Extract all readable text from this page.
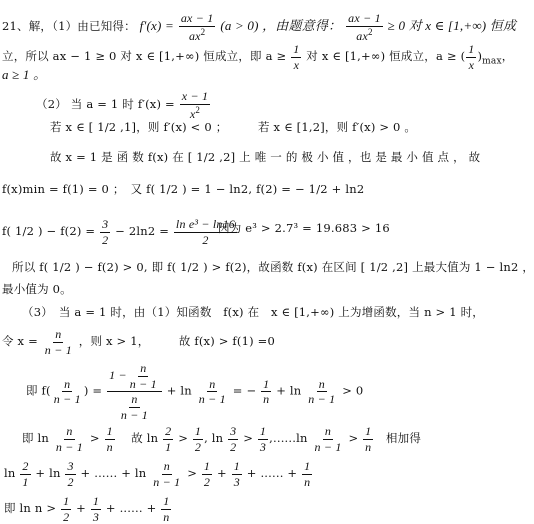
21、解，（1）由已知得： $f'(x) = \frac{ax - 1}{ax^2} (a > 0)$ ，由题意得： $\frac{ax - 1}{ax^2} \ge 0$ 对 x ∈ [1,+∞) 恒成
立，所以 ax − 1 ≥ 0 对 x ∈ [1,+∞) 恒成立，即 $a \ge \frac{1}{x}$ 对 x ∈ [1,+∞) 恒成立，a ≥ ( $\frac{1}{x} )_{max}$，
a ≥ 1 。
（2） 当 a = 1 时 $f'(x) = \frac{x - 1}{x^2}$
若 x ∈ [ 1/2 ,1]，则 f′(x) < 0 ；	若 x ∈ [1,2]，则 f′(x) > 0 。
故 x = 1 是 函 数 f(x) 在 [ 1/2 ,2] 上 唯 一 的 极 小 值 ，也 是 最 小 值 点 ， 故
f(x)min = f(1) = 0 ；　又 f( 1/2 ) = 1 − ln2, f(2) = − 1/2 + ln2
f( 1/2 ) − $f(2) = \frac{3}{2} - 2\ln 2 = \frac{\text{ln e³ − ln16}}{2}$
因为 e³ > 2.7³ = 19.683 > 16
所以 f( 1/2 ) − f(2) > 0, 即 f( 1/2 ) > f(2)，故函数 f(x) 在区间 [ 1/2 ,2] 上最大值为 1 − ln2 ，
最小值为 0。
（3）　当 a = 1 时，由（1）知函数　f(x) 在　x ∈ [1,+∞) 上为增函数，当 n > 1 时，
令 $x = \frac{n}{n - 1}$ ，则 x > 1，　　　故 f(x) > f(1) =0
即 $f( \frac{n}{n - 1}$ ) = $\frac{1 - \frac{n}{n - 1}}{\frac{n}{n - 1}} + \ln \frac{n}{n - 1}$ = − $\frac{1}{n} + \ln \frac{n}{n - 1} > 0$
即 $\ln \frac{n}{n - 1} > \frac{1}{n}$ 故 $\ln \frac{2}{1} > \frac{1}{2}$ , $\ln \frac{3}{2} > \frac{1}{3} ,......\ln \frac{n}{n - 1} > \frac{1}{n}$ 相加得
$\ln \frac{2}{1} + \ln \frac{3}{2}$ + ...... + $\ln \frac{n}{n - 1} > \frac{1}{2} + \frac{1}{3}$ + ...... + $\frac{1}{n}$
即 $\ln n > \frac{1}{2} + \frac{1}{3}$ + ...... + $\frac{1}{n}$
